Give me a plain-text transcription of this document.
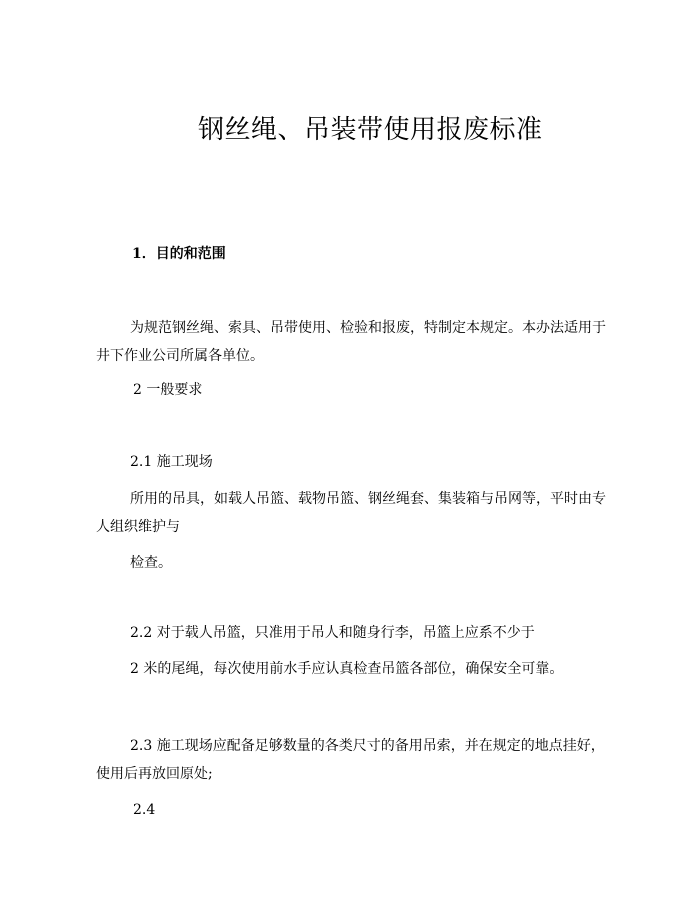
钢丝绳、吊装带使用报废标准

1．目的和范围

为规范钢丝绳、索具、吊带使用、检验和报废，特制定本规定。本办法适用于
井下作业公司所属各单位。

2 一般要求

2.1 施工现场

所用的吊具，如载人吊篮、载物吊篮、钢丝绳套、集装箱与吊网等，平时由专
人组织维护与

检查。

2.2 对于载人吊篮，只准用于吊人和随身行李，吊篮上应系不少于

2 米的尾绳，每次使用前水手应认真检查吊篮各部位，确保安全可靠。

2.3 施工现场应配备足够数量的各类尺寸的备用吊索，并在规定的地点挂好，
使用后再放回原处;

2.4
